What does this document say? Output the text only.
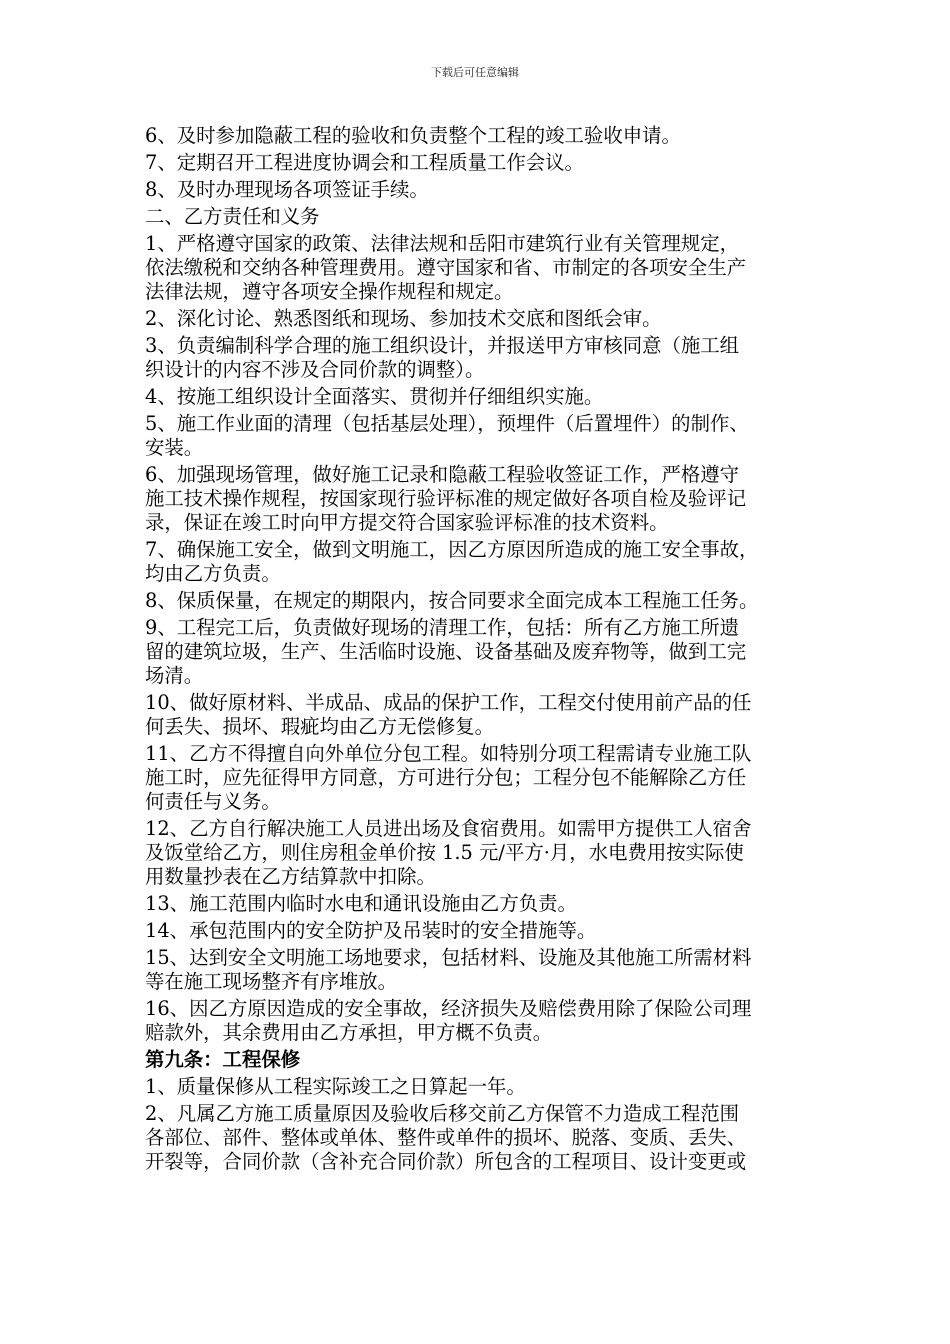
下载后可任意编辑
6、及时参加隐蔽工程的验收和负责整个工程的竣工验收申请。
7、定期召开工程进度协调会和工程质量工作会议。
8、及时办理现场各项签证手续。
二、乙方责任和义务
1、严格遵守国家的政策、法律法规和岳阳市建筑行业有关管理规定，
依法缴税和交纳各种管理费用。遵守国家和省、市制定的各项安全生产
法律法规，遵守各项安全操作规程和规定。
2、深化讨论、熟悉图纸和现场、参加技术交底和图纸会审。
3、负责编制科学合理的施工组织设计，并报送甲方审核同意（施工组
织设计的内容不涉及合同价款的调整）。
4、按施工组织设计全面落实、贯彻并仔细组织实施。
5、施工作业面的清理（包括基层处理），预埋件（后置埋件）的制作、
安装。
6、加强现场管理，做好施工记录和隐蔽工程验收签证工作，严格遵守
施工技术操作规程，按国家现行验评标准的规定做好各项自检及验评记
录，保证在竣工时向甲方提交符合国家验评标准的技术资料。
7、确保施工安全，做到文明施工，因乙方原因所造成的施工安全事故，
均由乙方负责。
8、保质保量，在规定的期限内，按合同要求全面完成本工程施工任务。
9、工程完工后，负责做好现场的清理工作，包括：所有乙方施工所遗
留的建筑垃圾，生产、生活临时设施、设备基础及废弃物等，做到工完
场清。
10、做好原材料、半成品、成品的保护工作，工程交付使用前产品的任
何丢失、损坏、瑕疵均由乙方无偿修复。
11、乙方不得擅自向外单位分包工程。如特别分项工程需请专业施工队
施工时，应先征得甲方同意，方可进行分包；工程分包不能解除乙方任
何责任与义务。
12、乙方自行解决施工人员进出场及食宿费用。如需甲方提供工人宿舍
及饭堂给乙方，则住房租金单价按 1.5 元/平方·月，水电费用按实际使
用数量抄表在乙方结算款中扣除。
13、施工范围内临时水电和通讯设施由乙方负责。
14、承包范围内的安全防护及吊装时的安全措施等。
15、达到安全文明施工场地要求，包括材料、设施及其他施工所需材料
等在施工现场整齐有序堆放。
16、因乙方原因造成的安全事故，经济损失及赔偿费用除了保险公司理
赔款外，其余费用由乙方承担，甲方概不负责。
第九条：工程保修
1、质量保修从工程实际竣工之日算起一年。
2、凡属乙方施工质量原因及验收后移交前乙方保管不力造成工程范围
各部位、部件、整体或单体、整件或单件的损坏、脱落、变质、丢失、
开裂等，合同价款（含补充合同价款）所包含的工程项目、设计变更或
